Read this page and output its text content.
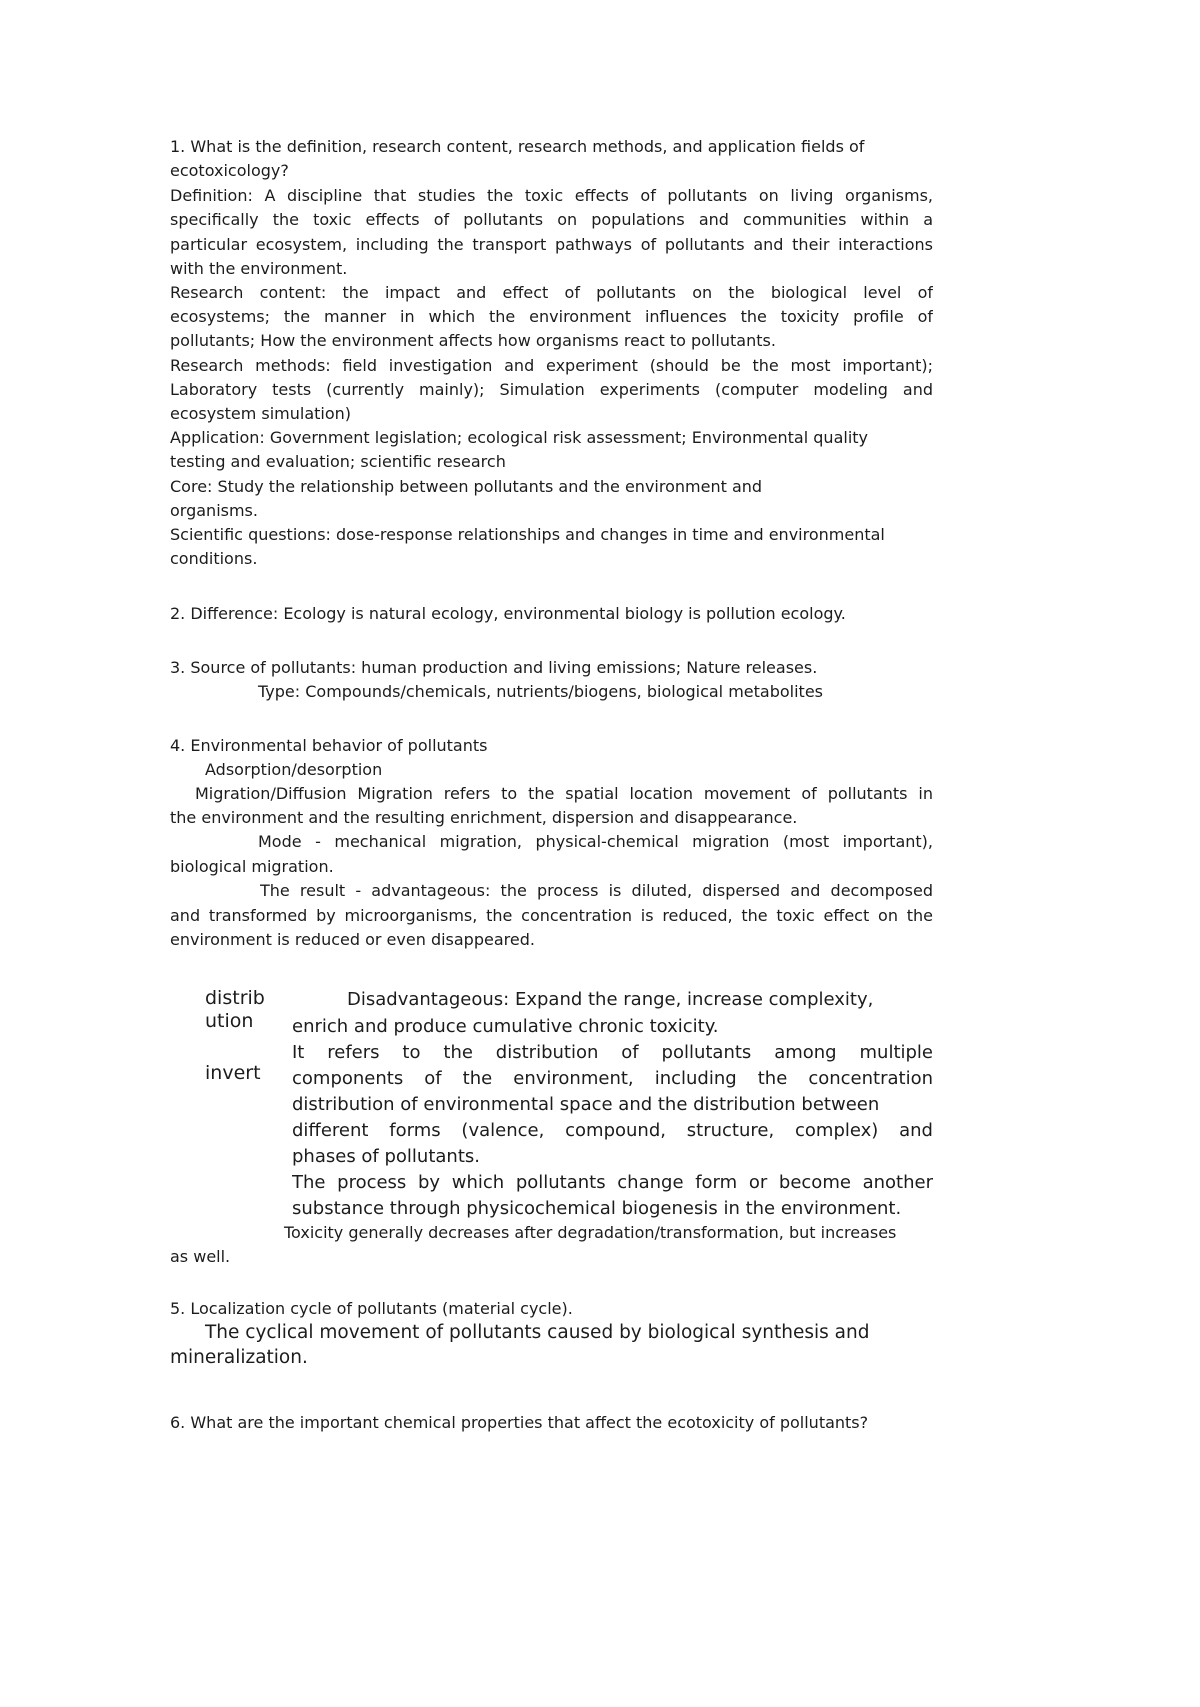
1. What is the definition, research content, research methods, and application fields of
ecotoxicology?
Definition: A discipline that studies the toxic effects of pollutants on living organisms,
specifically the toxic effects of pollutants on populations and communities within a
particular ecosystem, including the transport pathways of pollutants and their interactions
with the environment.
Research content: the impact and effect of pollutants on the biological level of
ecosystems; the manner in which the environment influences the toxicity profile of
pollutants; How the environment affects how organisms react to pollutants.
Research methods: field investigation and experiment (should be the most important);
Laboratory tests (currently mainly); Simulation experiments (computer modeling and
ecosystem simulation)
Application: Government legislation; ecological risk assessment; Environmental quality
testing and evaluation; scientific research
Core: Study the relationship between pollutants and the environment and
organisms.
Scientific questions: dose-response relationships and changes in time and environmental
conditions.
2. Difference: Ecology is natural ecology, environmental biology is pollution ecology.
3. Source of pollutants: human production and living emissions; Nature releases.
Type: Compounds/chemicals, nutrients/biogens, biological metabolites
4. Environmental behavior of pollutants
Adsorption/desorption
Migration/Diffusion Migration refers to the spatial location movement of pollutants in
the environment and the resulting enrichment, dispersion and disappearance.
Mode - mechanical migration, physical-chemical migration (most important),
biological migration.
The result - advantageous: the process is diluted, dispersed and decomposed
and transformed by microorganisms, the concentration is reduced, the toxic effect on the
environment is reduced or even disappeared.
distrib
ution
invert
Disadvantageous: Expand the range, increase complexity,
enrich and produce cumulative chronic toxicity.
It refers to the distribution of pollutants among multiple
components of the environment, including the concentration
distribution of environmental space and the distribution between
different forms (valence, compound, structure, complex) and
phases of pollutants.
The process by which pollutants change form or become another
substance through physicochemical biogenesis in the environment.
Toxicity generally decreases after degradation/transformation, but increases
as well.
5. Localization cycle of pollutants (material cycle).
The cyclical movement of pollutants caused by biological synthesis and
mineralization.
6. What are the important chemical properties that affect the ecotoxicity of pollutants?
